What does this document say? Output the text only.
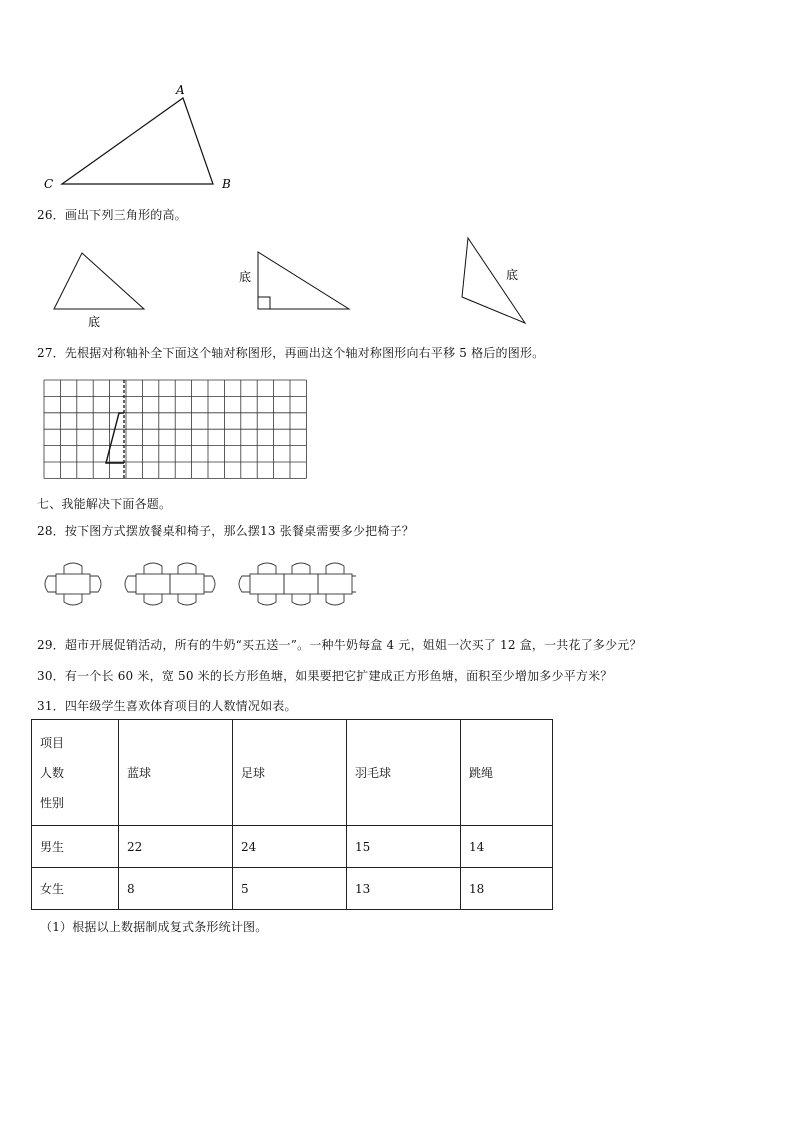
A
C	B
26．画出下列三角形的高。
底
底	底
27．先根据对称轴补全下面这个轴对称图形，再画出这个轴对称图形向右平移 5 格后的图形。
七、我能解决下面各题。
28．按下图方式摆放餐桌和椅子，那么摆13 张餐桌需要多少把椅子？
29．超市开展促销活动，所有的牛奶“买五送一”。一种牛奶每盒 4 元，姐姐一次买了 12 盒，一共花了多少元？
30．有一个长 60 米，宽 50 米的长方形鱼塘，如果要把它扩建成正方形鱼塘，面积至少增加多少平方米？
31．四年级学生喜欢体育项目的人数情况如表。
项目
人数
性别	蓝球	足球	羽毛球	跳绳
男生	22	24	15	14
女生	8	5	13	18
（1）根据以上数据制成复式条形统计图。
